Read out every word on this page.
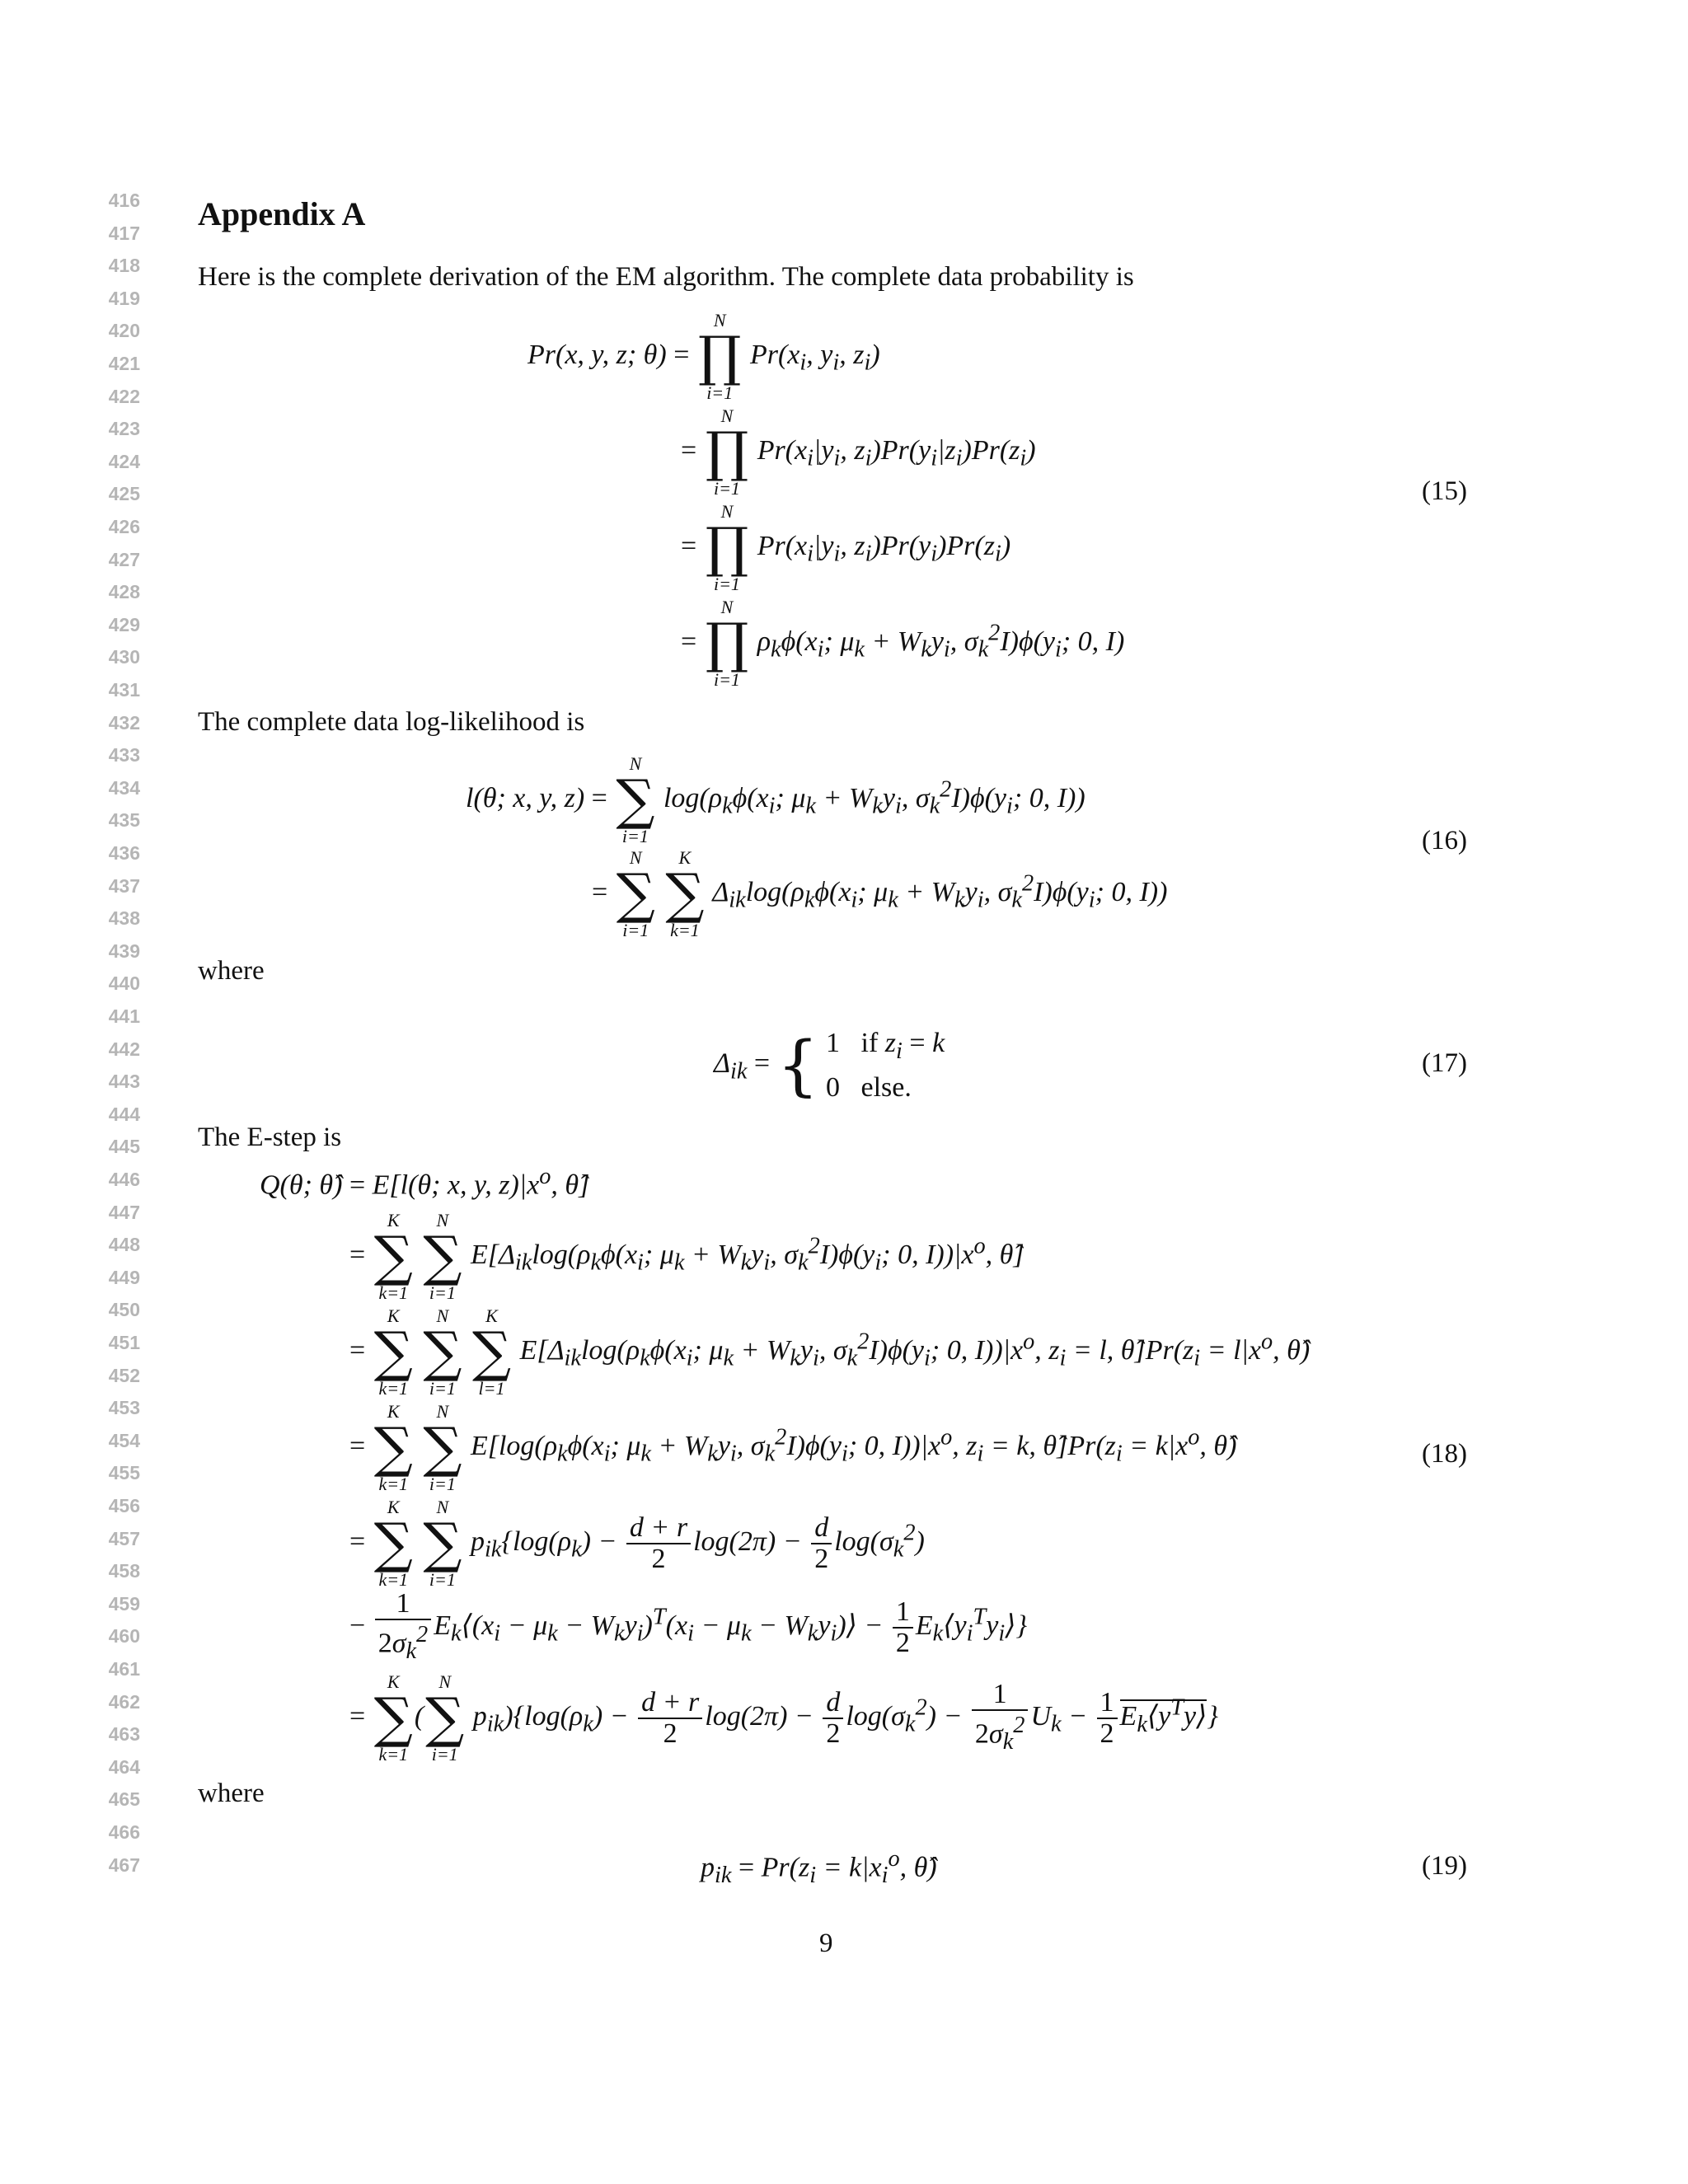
416
417
418
419
420
421
422
423
424
425
426
427
428
429
430
431
432
433
434
435
436
437
438
439
440
441
442
443
444
445
446
447
448
449
450
451
452
453
454
455
456
457
458
459
460
461
462
463
464
465
466
467
Appendix A

Here is the complete derivation of the EM algorithm. The complete data probability is

Pr(x, y, z; θ) =
N
∏
i=1
$Pr(x_i$, $y_i$, $z_i$)
=
N
∏
i=1
$Pr(x_i|y_i$, $z_i)Pr(y_i|z_i)Pr(z_i)$
=
N
∏
i=1
$Pr(x_i|y_i$, $z_i)Pr(y_i)Pr(z_i)$
=
N
∏
i=1
$\rho_k\phi(x_i$; $\mu_k + W_ky_i$, $\sigma_k^2I)\phi(y_i$; 0, I)
(15)

The complete data log-likelihood is

l(θ; x, y, z) =
N
∑
i=1
$\log(\rho_k\phi(x_i$; $\mu_k + W_ky_i$, $\sigma_k^2I)\phi(y_i$; 0, I))
=
N
∑
i=1

K
∑
k=1
$\Delta_{ik}\log(\rho_k\phi(x_i$; $\mu_k + W_ky_i$, $\sigma_k^2I)\phi(y_i$; 0, I))
(16)

where

$\Delta_{ik}$ = { 1   if $z_i = k$
0   else.
(17)

The E-step is

Q(θ; θ̂) = E[l(θ; x, y, $z)|x^o$, θ̂]
=
K
∑
k=1

N
∑
i=1
$E[\Delta_{ik}\log(\rho_k\phi(x_i$; $\mu_k + W_ky_i$, $\sigma_k^2I)\phi(y_i$; 0, $I))|x^o$, θ̂]
=
K
∑
k=1

N
∑
i=1

K
∑
l=1
$E[\Delta_{ik}\log(\rho_k\phi(x_i$; $\mu_k + W_ky_i$, $\sigma_k^2I)\phi(y_i$; 0, $I))|x^o$, $z_i = l$, $\thetâ]Pr(z_i = l|x^o$, θ̂)
=
K
∑
k=1

N
∑
i=1
$E[\log(\rho_k\phi(x_i$; $\mu_k + W_ky_i$, $\sigma_k^2I)\phi(y_i$; 0, $I))|x^o$, $z_i = k$, $\thetâ]Pr(z_i = k|x^o$, θ̂)
=
K
∑
k=1

N
∑
i=1
$p_{ik}\{\log(\rho_k) - \frac{d + r}{2} \log(2\pi) - \frac{d}{2} \log(\sigma_k^2)$
− $\frac{1}{2\sigma_k^2}$ $E_k⟨(x_i - \mu_k - W_ky_i)^T(x_i - \mu_k$ − $W_ky_i)⟩ - \frac{1}{2}$ $E_k⟨y_i^Ty_i⟩$}
=
K
∑
k=1
(
N
∑
i=1
$p_{ik})\{\log(\rho_k) - \frac{d + r}{2} \log(2\pi) - \frac{d}{2} \log(\sigma_k^2) - \frac{1}{2\sigma_k^2} U_k - \frac{1}{2}$ $E_k⟨y^Ty⟩$}
(18)

where

$p_{ik} = Pr(z_i = k|x_i^o$, θ̂)	(19)
9
